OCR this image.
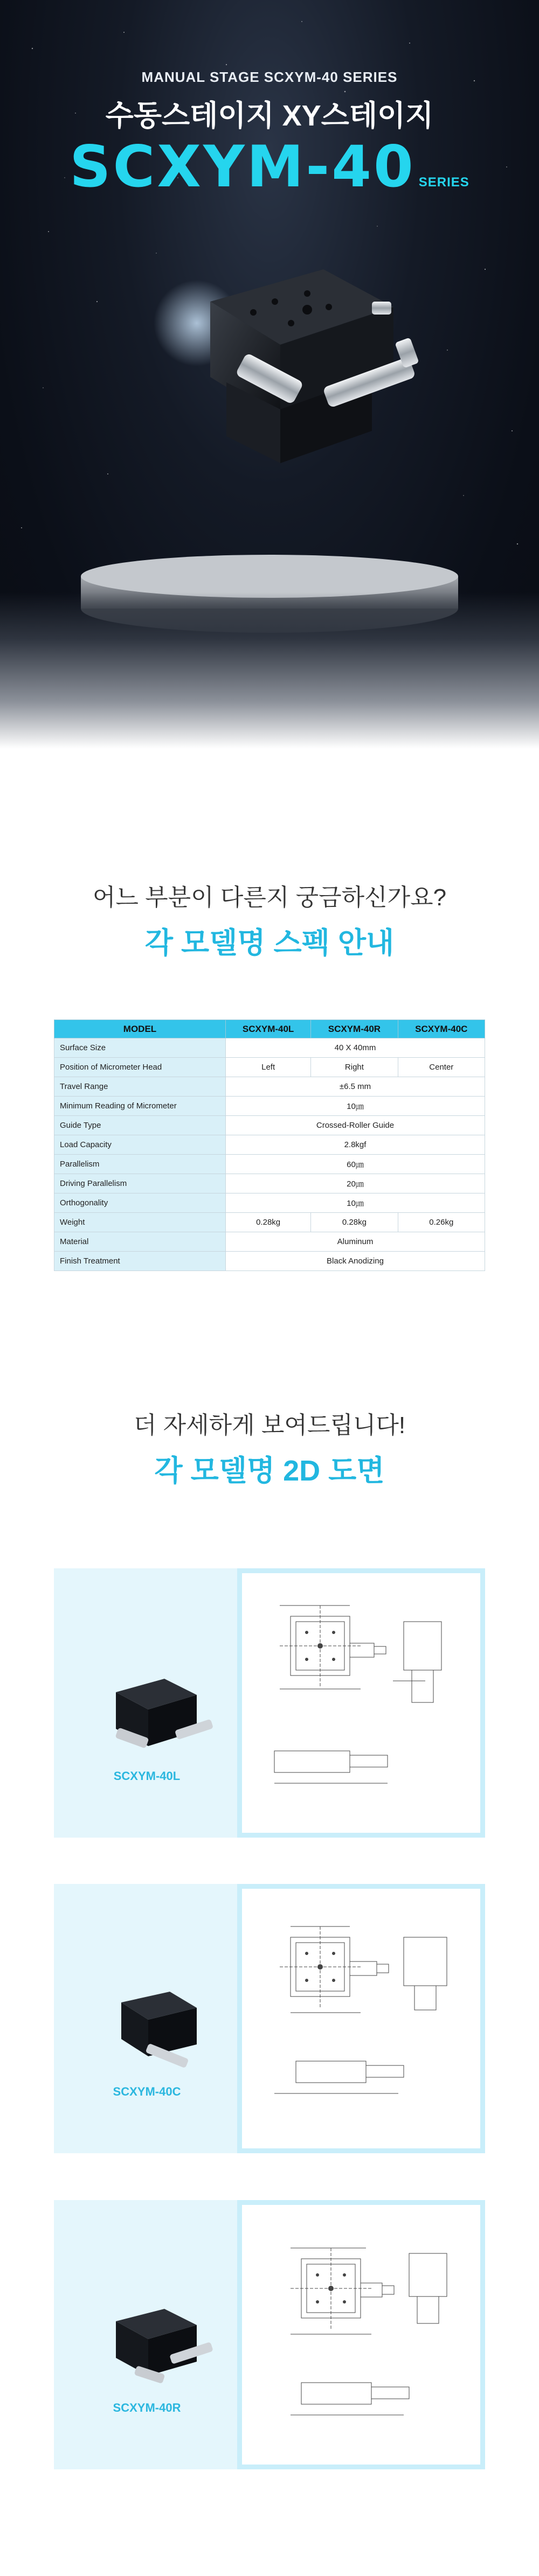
MANUAL STAGE SCXYM-40 SERIES
수동스테이지 XY스테이지
SCXYM-40 SERIES
어느 부분이 다른지 궁금하신가요?
각 모델명 스펙 안내
MODEL	SCXYM-40L	SCXYM-40R	SCXYM-40C
Surface Size	40 X 40mm		
Position of Micrometer Head	Left	Right	Center
Travel Range	±6.5 mm		
Minimum Reading of Micrometer	10㎛		
Guide Type	Crossed-Roller Guide		
Load Capacity	2.8kgf		
Parallelism	60㎛		
Driving Parallelism	20㎛		
Orthogonality	10㎛		
Weight	0.28kg	0.28kg	0.26kg
Material	Aluminum		
Finish Treatment	Black Anodizing		
더 자세하게 보여드립니다!
각 모델명 2D 도면
SCXYM-40L
SCXYM-40C
SCXYM-40R
